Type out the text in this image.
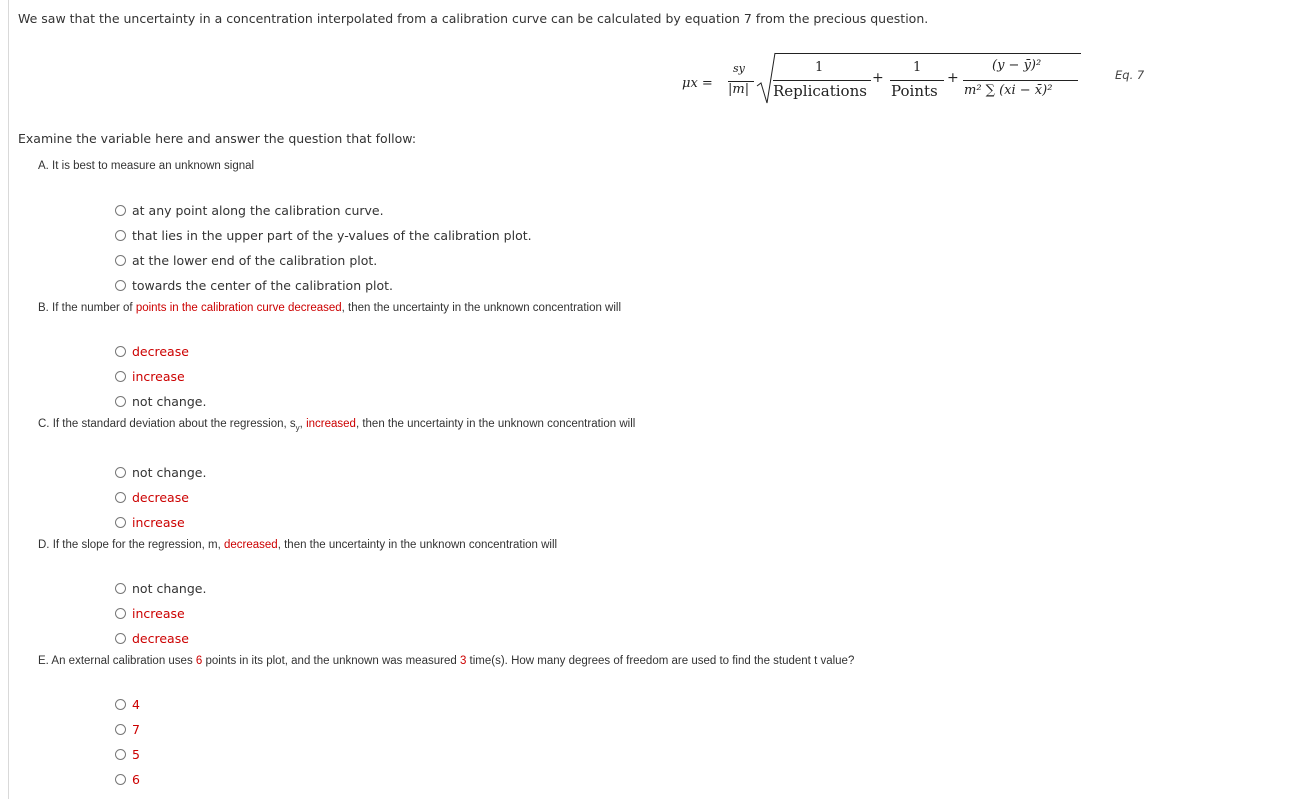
We saw that the uncertainty in a concentration interpolated from a calibration curve can be calculated by equation 7 from the precious question.
μx =
sy
|m|
1
Replications
+
1
Points
+
(y − ȳ)²
m² ∑ (xi − x̄)²
Eq. 7
Examine the variable here and answer the question that follow:
A. It is best to measure an unknown signal
at any point along the calibration curve.
that lies in the upper part of the y-values of the calibration plot.
at the lower end of the calibration plot.
towards the center of the calibration plot.
B. If the number of points in the calibration curve decreased, then the uncertainty in the unknown concentration will
decrease
increase
not change.
C. If the standard deviation about the regression, $s_y$, increased, then the uncertainty in the unknown concentration will
not change.
decrease
increase
D. If the slope for the regression, m, decreased, then the uncertainty in the unknown concentration will
not change.
increase
decrease
E. An external calibration uses 6 points in its plot, and the unknown was measured 3 time(s). How many degrees of freedom are used to find the student t value?
4
7
5
6
